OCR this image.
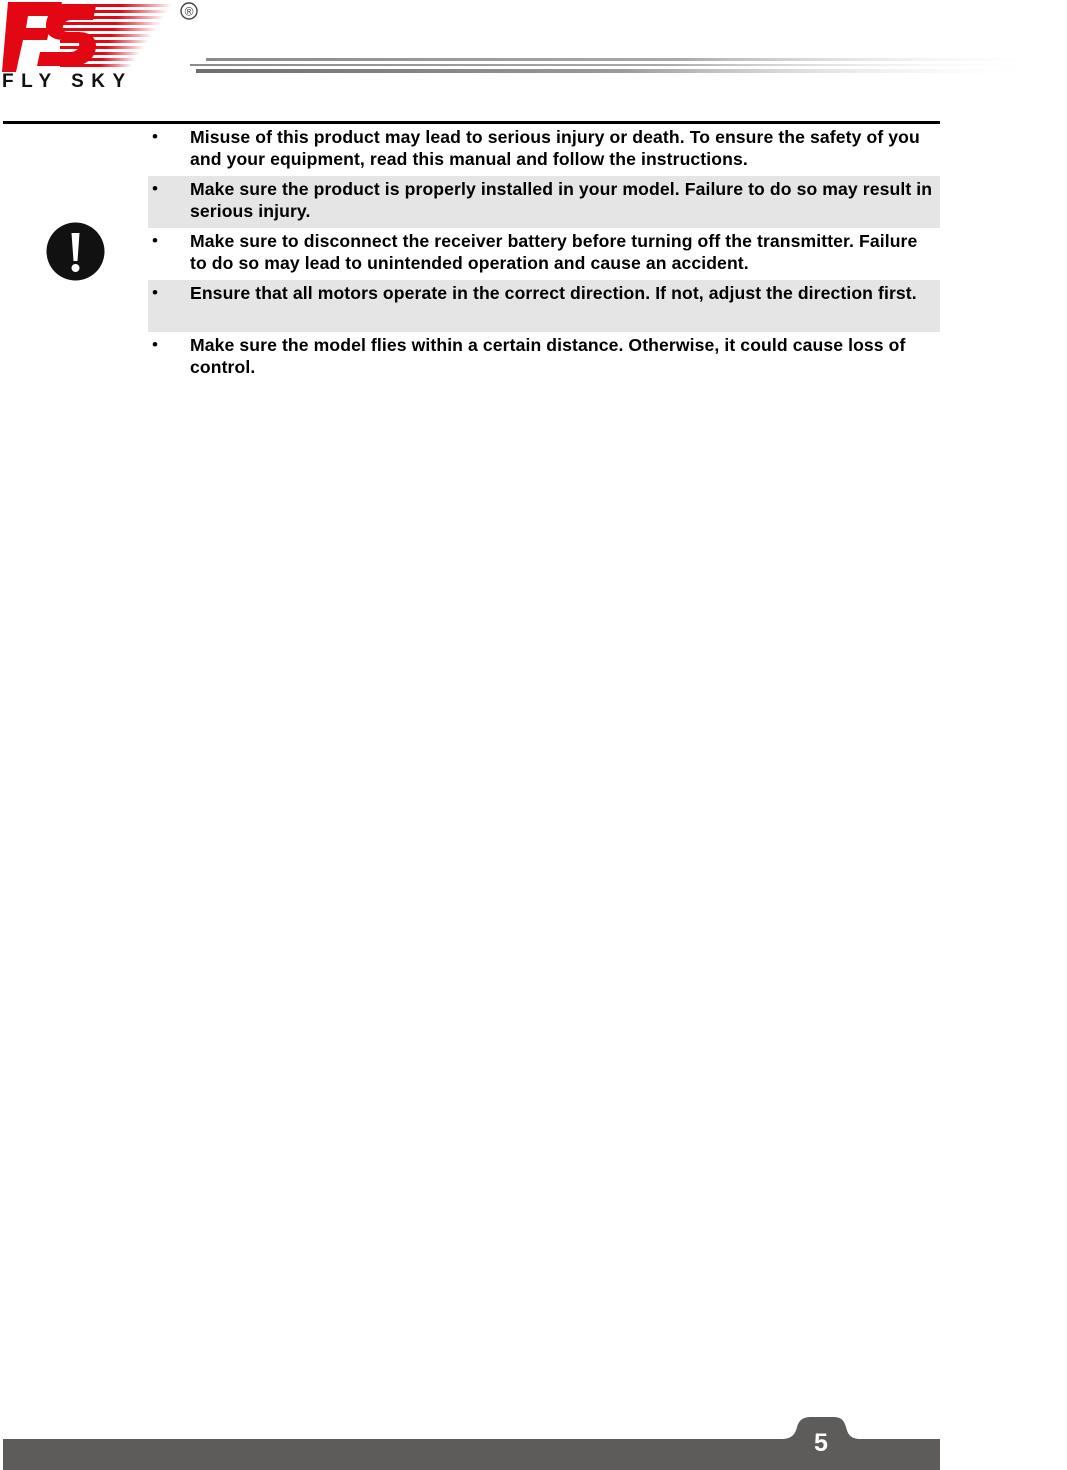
®
FLY SKY
• Misuse of this product may lead to serious injury or death. To ensure the safety of you and your equipment, read this manual and follow the instructions.
• Make sure the product is properly installed in your model. Failure to do so may result in serious injury.
• Make sure to disconnect the receiver battery before turning off the transmitter. Failure to do so may lead to unintended operation and cause an accident.
• Ensure that all motors operate in the correct direction. If not, adjust the direction first.
• Make sure the model flies within a certain distance. Otherwise, it could cause loss of control.
5
